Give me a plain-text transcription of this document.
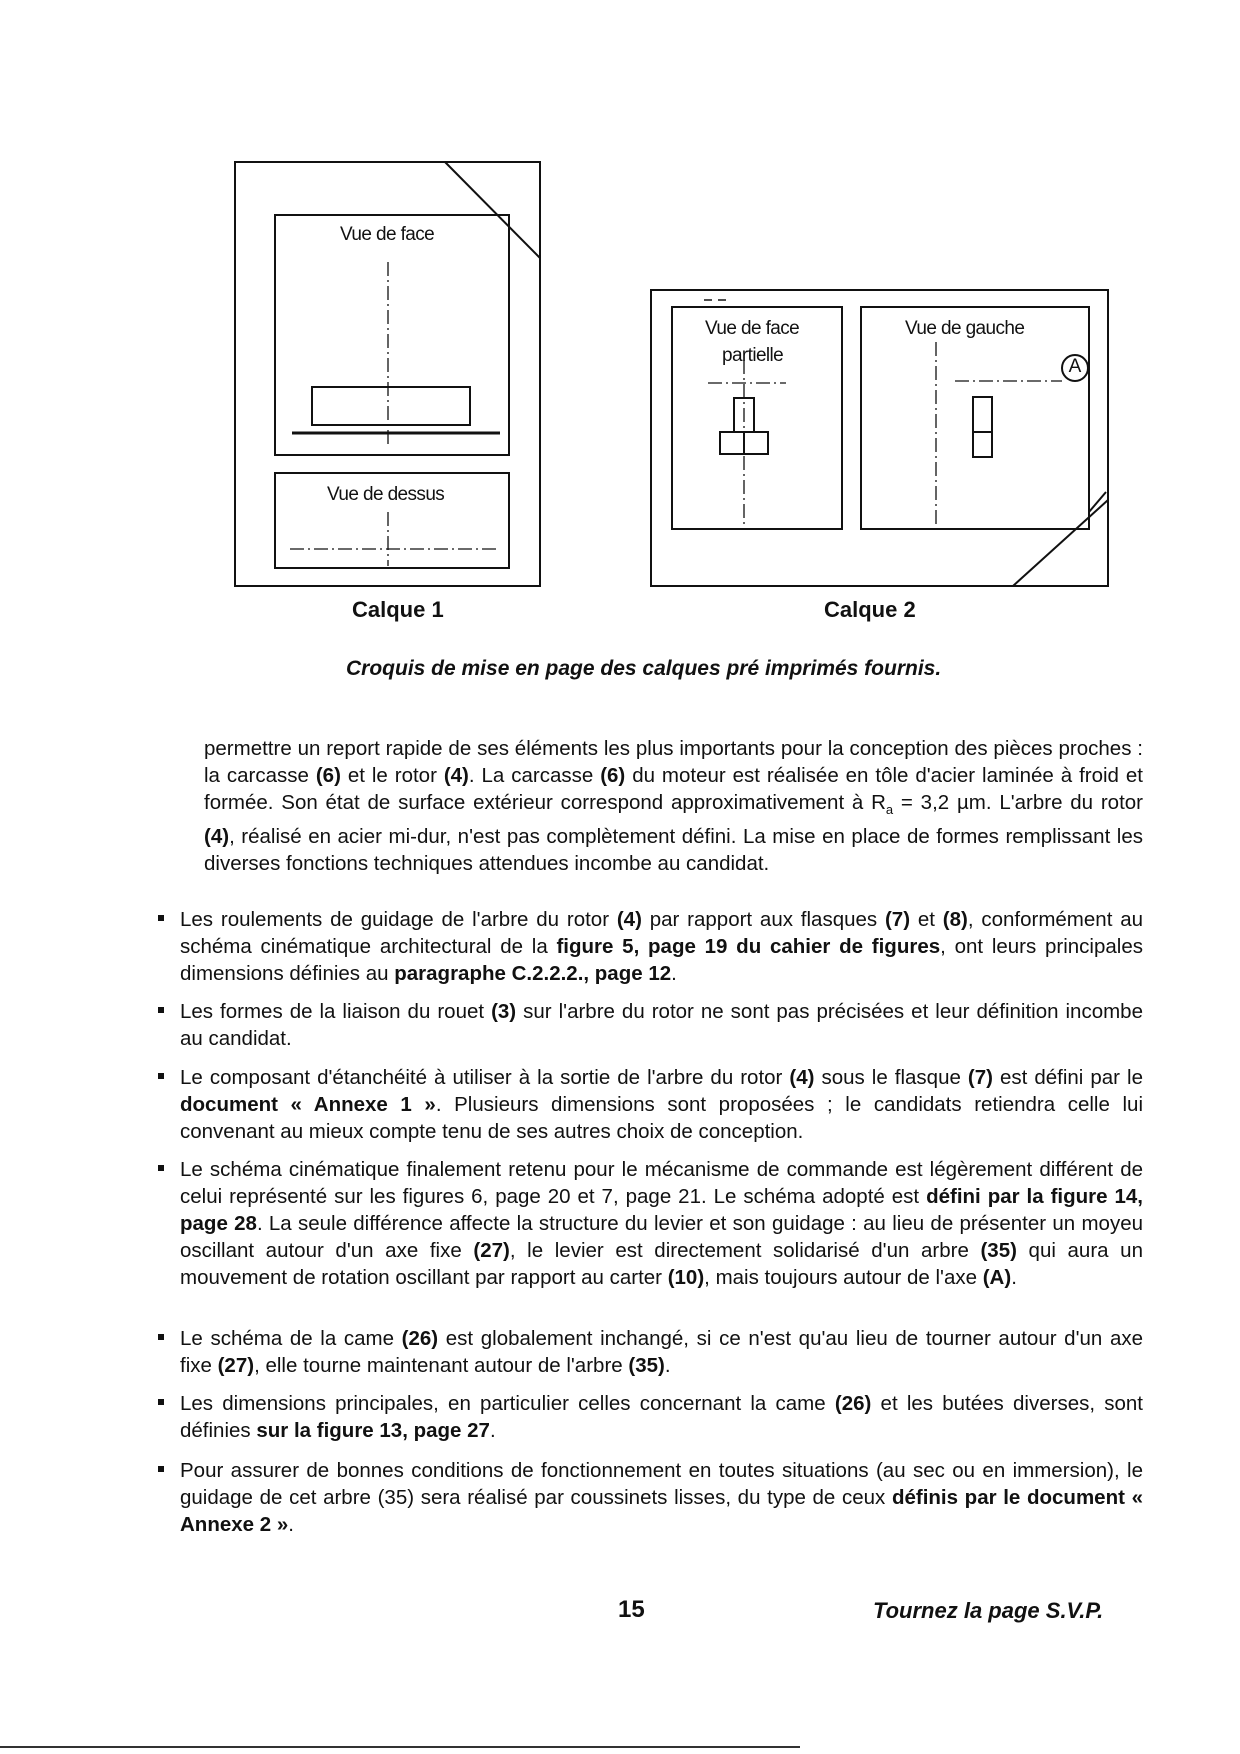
Vue de face
Vue de dessus
Vue de face
partielle
Vue de gauche
A
Calque 1	Calque 2
Croquis de mise en page des calques pré imprimés fournis.
permettre un report rapide de ses éléments les plus importants pour la conception des pièces proches : la carcasse (6) et le rotor (4). La carcasse (6) du moteur est réalisée en tôle d'acier laminée à froid et formée. Son état de surface extérieur correspond approximativement à $R_a = 3,2$ µm. L'arbre du rotor (4), réalisé en acier mi-dur, n'est pas complètement défini. La mise en place de formes remplissant les diverses fonctions techniques attendues incombe au candidat.
Les roulements de guidage de l'arbre du rotor (4) par rapport aux flasques (7) et (8), conformément au schéma cinématique architectural de la figure 5, page 19 du cahier de figures, ont leurs principales dimensions définies au paragraphe C.2.2.2., page 12.
Les formes de la liaison du rouet (3) sur l'arbre du rotor ne sont pas précisées et leur définition incombe au candidat.
Le composant d'étanchéité à utiliser à la sortie de l'arbre du rotor (4) sous le flasque (7) est défini par le document « Annexe 1 ». Plusieurs dimensions sont proposées ; le candidats retiendra celle lui convenant au mieux compte tenu de ses autres choix de conception.
Le schéma cinématique finalement retenu pour le mécanisme de commande est légèrement différent de celui représenté sur les figures 6, page 20 et 7, page 21. Le schéma adopté est défini par la figure 14, page 28. La seule différence affecte la structure du levier et son guidage : au lieu de présenter un moyeu oscillant autour d'un axe fixe (27), le levier est directement solidarisé d'un arbre (35) qui aura un mouvement de rotation oscillant par rapport au carter (10), mais toujours autour de l'axe (A).
Le schéma de la came (26) est globalement inchangé, si ce n'est qu'au lieu de tourner autour d'un axe fixe (27), elle tourne maintenant autour de l'arbre (35).
Les dimensions principales, en particulier celles concernant la came (26) et les butées diverses, sont définies sur la figure 13, page 27.
Pour assurer de bonnes conditions de fonctionnement en toutes situations (au sec ou en immersion), le guidage de cet arbre (35) sera réalisé par coussinets lisses, du type de ceux définis par le document « Annexe 2 ».
15	Tournez la page S.V.P.
